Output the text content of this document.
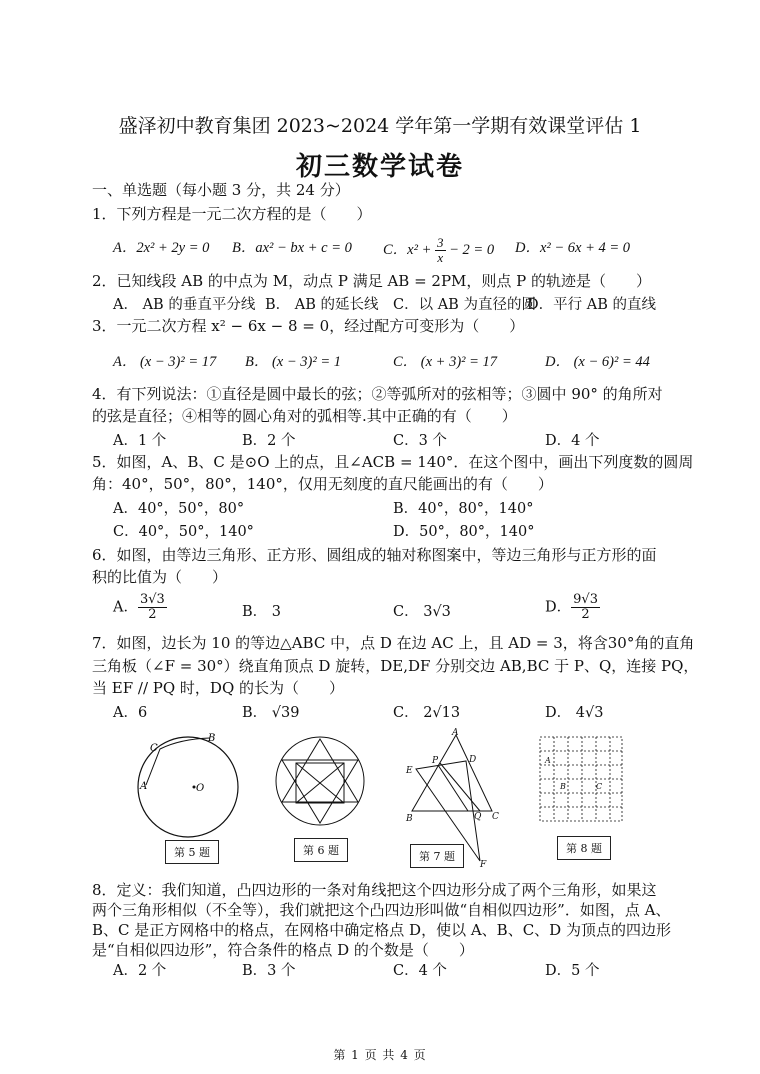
盛泽初中教育集团 2023~2024 学年第一学期有效课堂评估 1
初三数学试卷
一、单选题（每小题 3 分，共 24 分）
1．下列方程是一元二次方程的是（　　）
A．2x² + 2y = 0 B．ax² − bx + c = 0 C．$x^2 + \frac{3}{x} - 2 = 0$ D．x² − 6x + 4 = 0
2．已知线段 AB 的中点为 M，动点 P 满足 AB = 2PM，则点 P 的轨迹是（　　）
A． AB 的垂直平分线 B． AB 的延长线 C．以 AB 为直径的圆
D．平行 AB 的直线
3．一元二次方程 x² − 6x − 8 = 0，经过配方可变形为（　　）
A． (x − 3)² = 17 B． (x − 3)² = 1	C． (x + 3)² = 17	D． (x − 6)² = 44
4．有下列说法：①直径是圆中最长的弦；②等弧所对的弦相等；③圆中 90° 的角所对
的弦是直径；④相等的圆心角对的弧相等.其中正确的有（　　）
A．1 个	B．2 个	C．3 个	D．4 个
5．如图，A、B、C 是⊙O 上的点，且∠ACB = 140°．在这个图中，画出下列度数的圆周
角：40°，50°，80°，140°，仅用无刻度的直尺能画出的有（　　）
A．40°，50°，80°	B．40°，80°，140°
C．40°，50°，140°	D．50°，80°，140°
6．如图，由等边三角形、正方形、圆组成的轴对称图案中，等边三角形与正方形的面
积的比值为（　　）
A． $\frac{3√3}{2}$	B． 3	C． 3√3	D． $\frac{9√3}{2}$
7．如图，边长为 10 的等边△ABC 中，点 D 在边 AC 上，且 AD = 3，将含30°角的直角
三角板（∠F = 30°）绕直角顶点 D 旋转，DE,DF 分别交边 AB,BC 于 P、Q，连接 PQ，
当 EF // PQ 时，DQ 的长为（　　）
A．6	B． √39	C． 2√13	D． 4√3
A
C
B
O
A
D
E
P
B	Q C
F
A
B	C
第 5 题	第 6 题	第 7 题
第 8 题
8．定义：我们知道，凸四边形的一条对角线把这个四边形分成了两个三角形，如果这
两个三角形相似（不全等），我们就把这个凸四边形叫做“自相似四边形”．如图，点 A、
B、C 是正方网格中的格点，在网格中确定格点 D，使以 A、B、C、D 为顶点的四边形
是“自相似四边形”，符合条件的格点 D 的个数是（　　）
A．2 个	B．3 个	C．4 个	D．5 个
第 1 页 共 4 页
